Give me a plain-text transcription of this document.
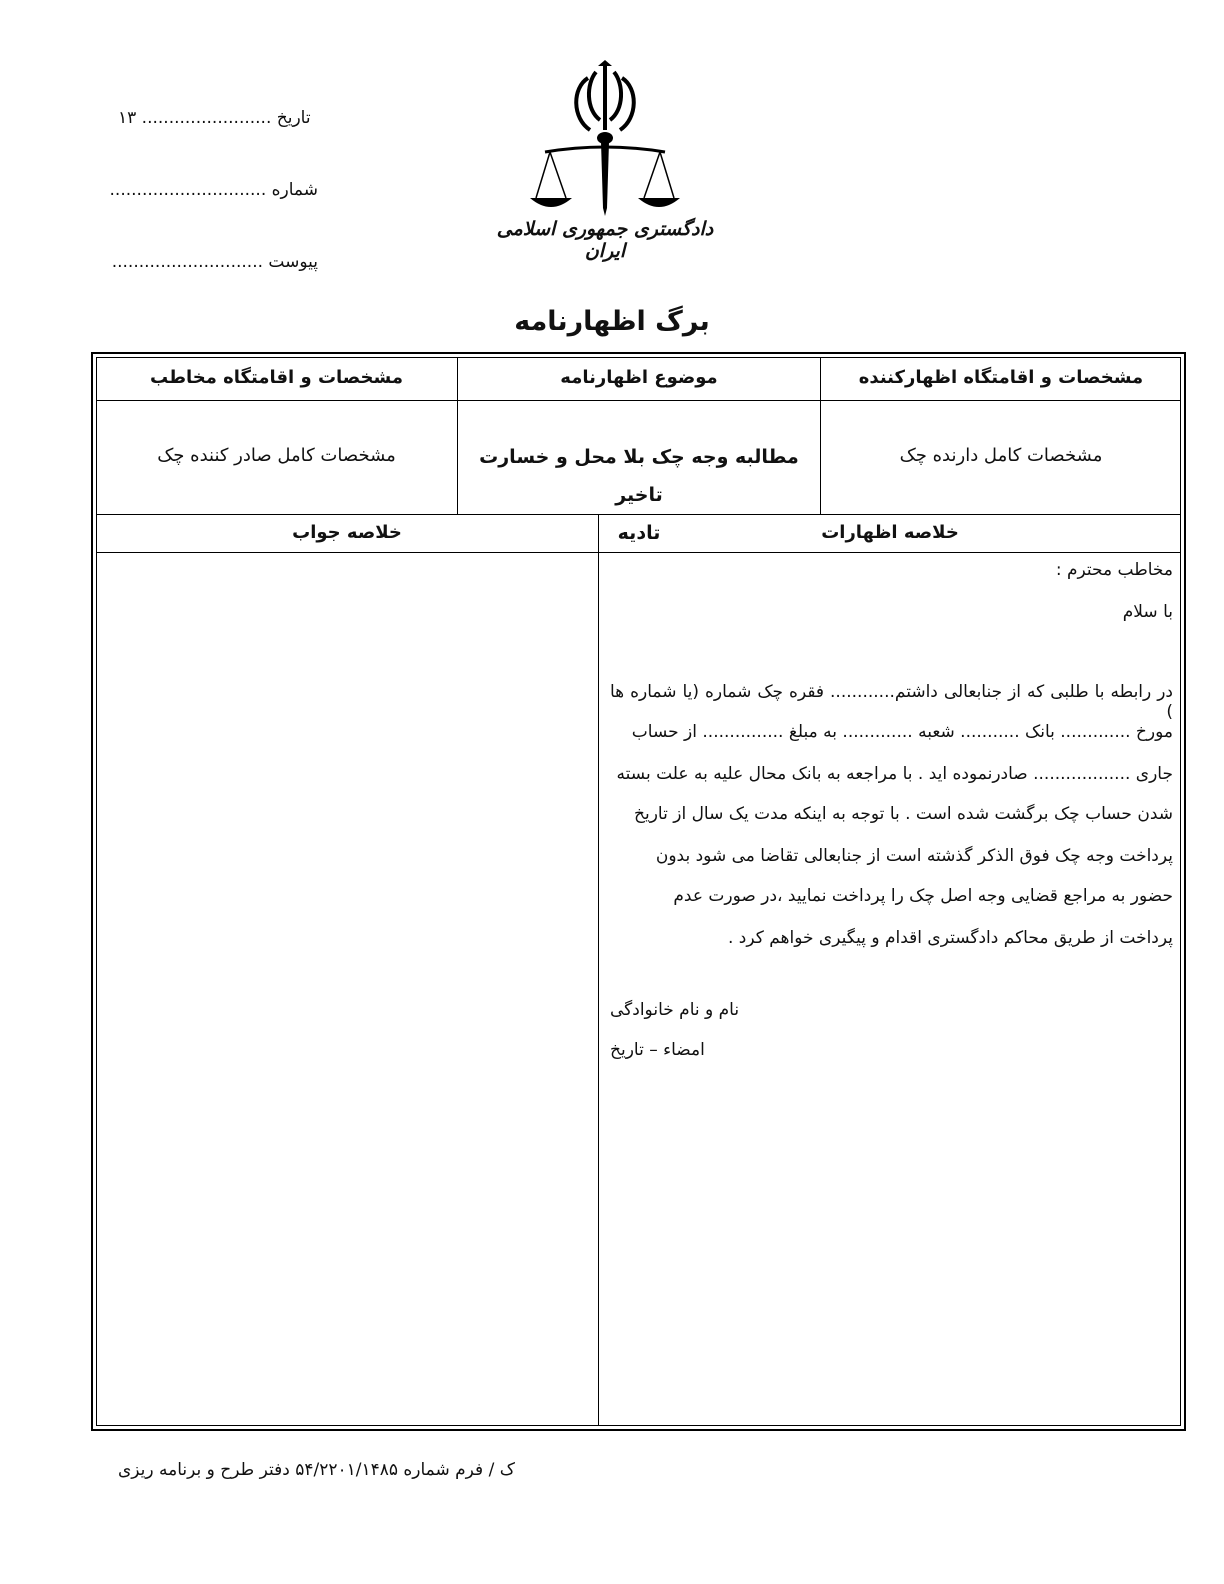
تاریخ ........................ ۱۳
شماره .............................
پیوست ............................
دادگستری جمهوری اسلامی ایران
برگ اظهارنامه
مشخصات و اقامتگاه اظهارکننده
موضوع اظهارنامه
مشخصات و اقامتگاه مخاطب
مشخصات کامل دارنده چک
مطالبه وجه چک بلا محل و خسارت تاخیر
تادیه
مشخصات کامل صادر کننده چک
خلاصه اظهارات
خلاصه جواب
مخاطب محترم :
با سلام
در رابطه با طلبی که از جنابعالی داشتم............ فقره چک شماره (یا شماره ها )
مورخ ............. بانک ........... شعبه ............. به مبلغ ............... از حساب
جاری .................. صادرنموده اید . با مراجعه به بانک محال علیه به علت بسته
شدن حساب چک برگشت شده است . با توجه به اینکه مدت یک سال از تاریخ
پرداخت وجه چک فوق الذکر گذشته است از جنابعالی تقاضا می شود بدون
حضور به مراجع قضایی وجه اصل چک را پرداخت نمایید ،در صورت عدم
پرداخت از طریق محاکم دادگستری اقدام و پیگیری خواهم کرد .
نام و نام خانوادگی
امضاء – تاریخ
ک / فرم شماره ۵۴/۲۲۰۱/۱۴۸۵ دفتر طرح و برنامه ریزی
